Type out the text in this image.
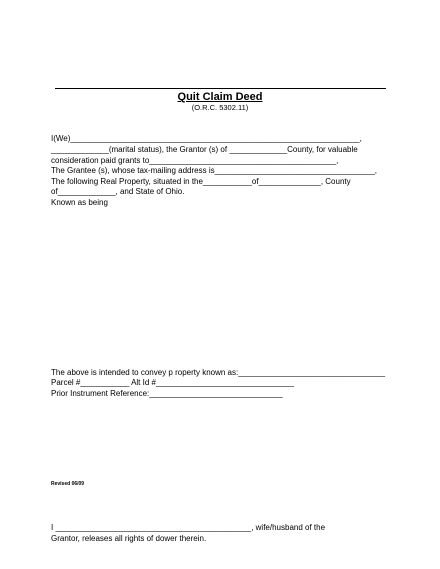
Quit Claim Deed
(O.R.C. 5302.11)
I(We)_________________________________________________________________,
_____________(marital status), the Grantor (s) of _____________County, for valuable
consideration paid grants to__________________________________________,
The Grantee (s), whose tax-mailing address is____________________________________,
The following Real Property, situated in the___________of______________, County
of_____________, and State of Ohio.
Known as being
The above is intended to convey p roperty known as:_________________________________
Parcel #___________ Alt Id #_______________________________
Prior Instrument Reference:______________________________
Revised 06/09
I ____________________________________________, wife/husband of the
Grantor, releases all rights of dower therein.
